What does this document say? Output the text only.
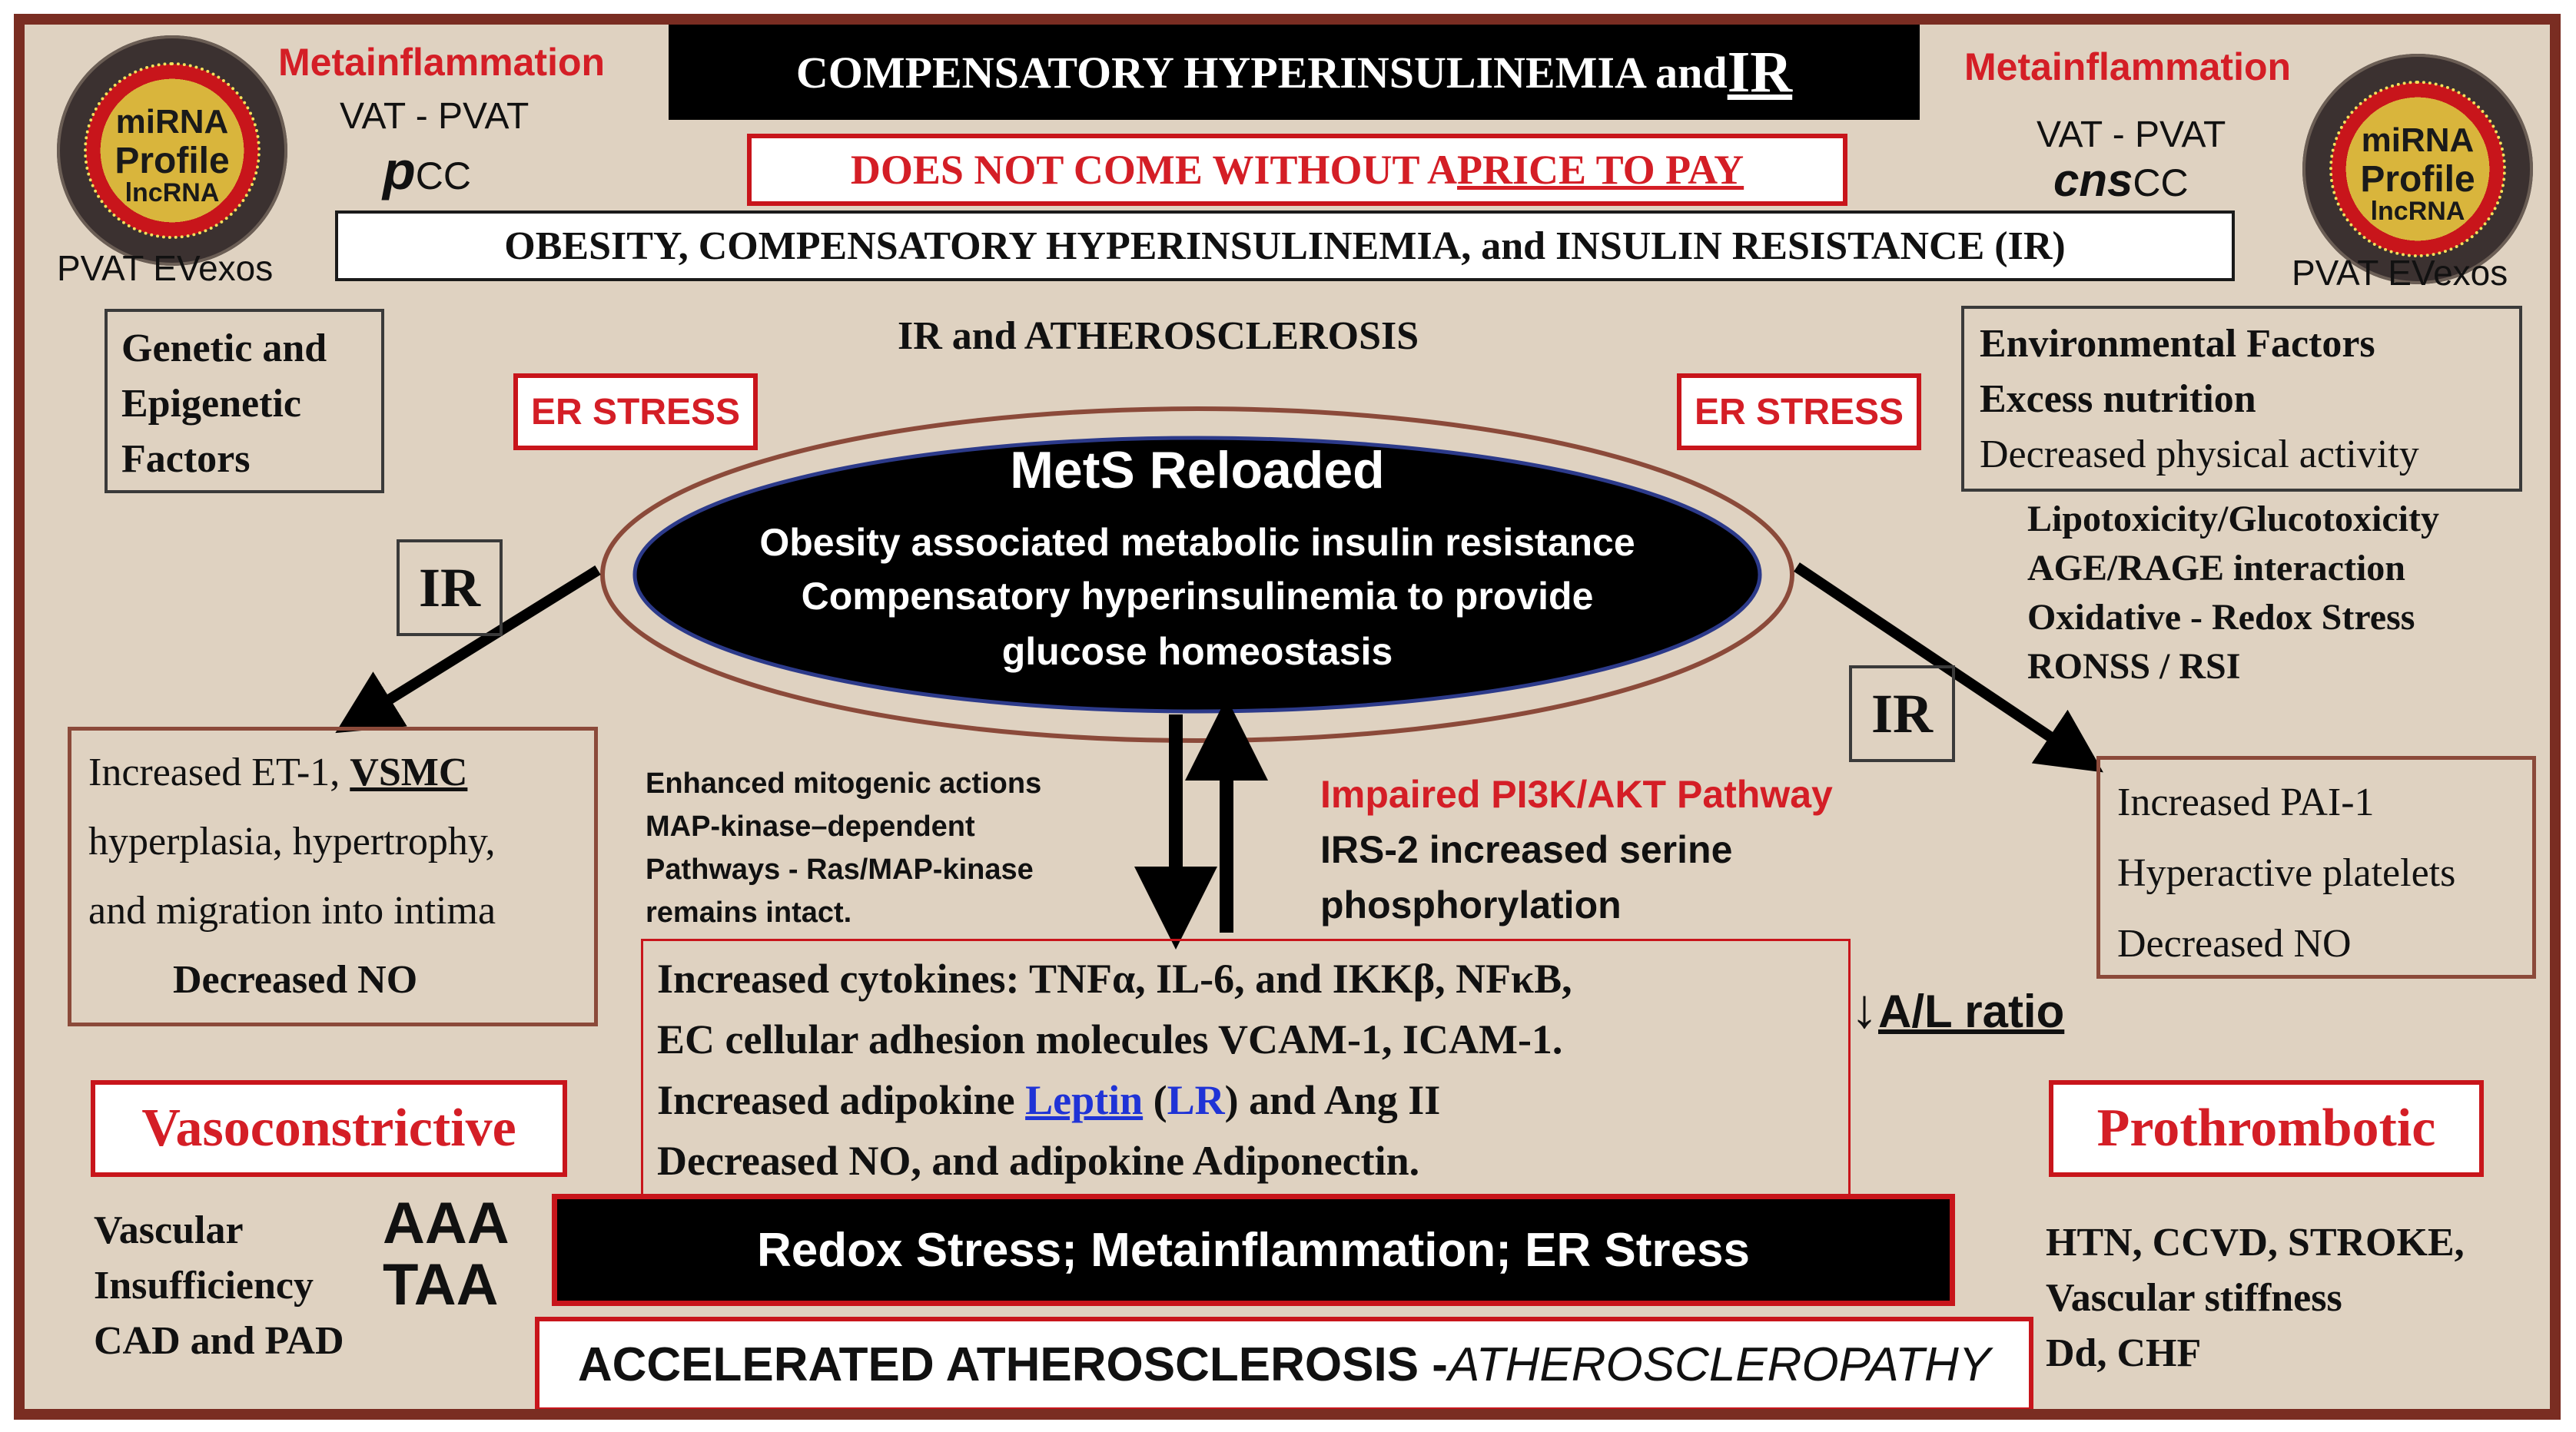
miRNA
Profile
lncRNA
miRNA
Profile
lncRNA
Metainflammation
VAT - PVAT
pCC
PVAT EVexos
Metainflammation
VAT - PVAT
cnsCC
PVAT EVexos
COMPENSATORY HYPERINSULINEMIA and IR
DOES NOT COME WITHOUT A PRICE TO PAY
OBESITY, COMPENSATORY HYPERINSULINEMIA, and INSULIN RESISTANCE (IR)
IR and ATHEROSCLEROSIS
Genetic and
Epigenetic
Factors
Environmental Factors
Excess nutrition
Decreased physical activity
Lipotoxicity/Glucotoxicity
AGE/RAGE interaction
Oxidative - Redox Stress
RONSS / RSI
ER STRESS	ER STRESS
MetS Reloaded
Obesity associated metabolic insulin resistance
Compensatory hyperinsulinemia to provide
glucose homeostasis
IR
IR
Increased ET-1, VSMC
hyperplasia, hypertrophy,
and migration into intima
Decreased NO
Enhanced mitogenic actions
MAP-kinase–dependent
Pathways - Ras/MAP-kinase
remains intact.
Impaired PI3K/AKT Pathway
IRS-2 increased serine
phosphorylation
Increased PAI-1
Hyperactive platelets
Decreased NO
Increased cytokines: TNFα, IL-6, and IKKβ, NFκB,
EC cellular adhesion molecules VCAM-1, ICAM-1.
Increased adipokine Leptin (LR) and Ang II
Decreased NO, and adipokine Adiponectin.
↓A/L ratio
Vasoconstrictive	Prothrombotic
Vascular
Insufficiency
CAD and PAD
AAA
TAA
Redox Stress; Metainflammation; ER Stress
ACCELERATED ATHEROSCLEROSIS - ATHEROSCLEROPATHY
HTN, CCVD, STROKE,
Vascular stiffness
Dd, CHF
